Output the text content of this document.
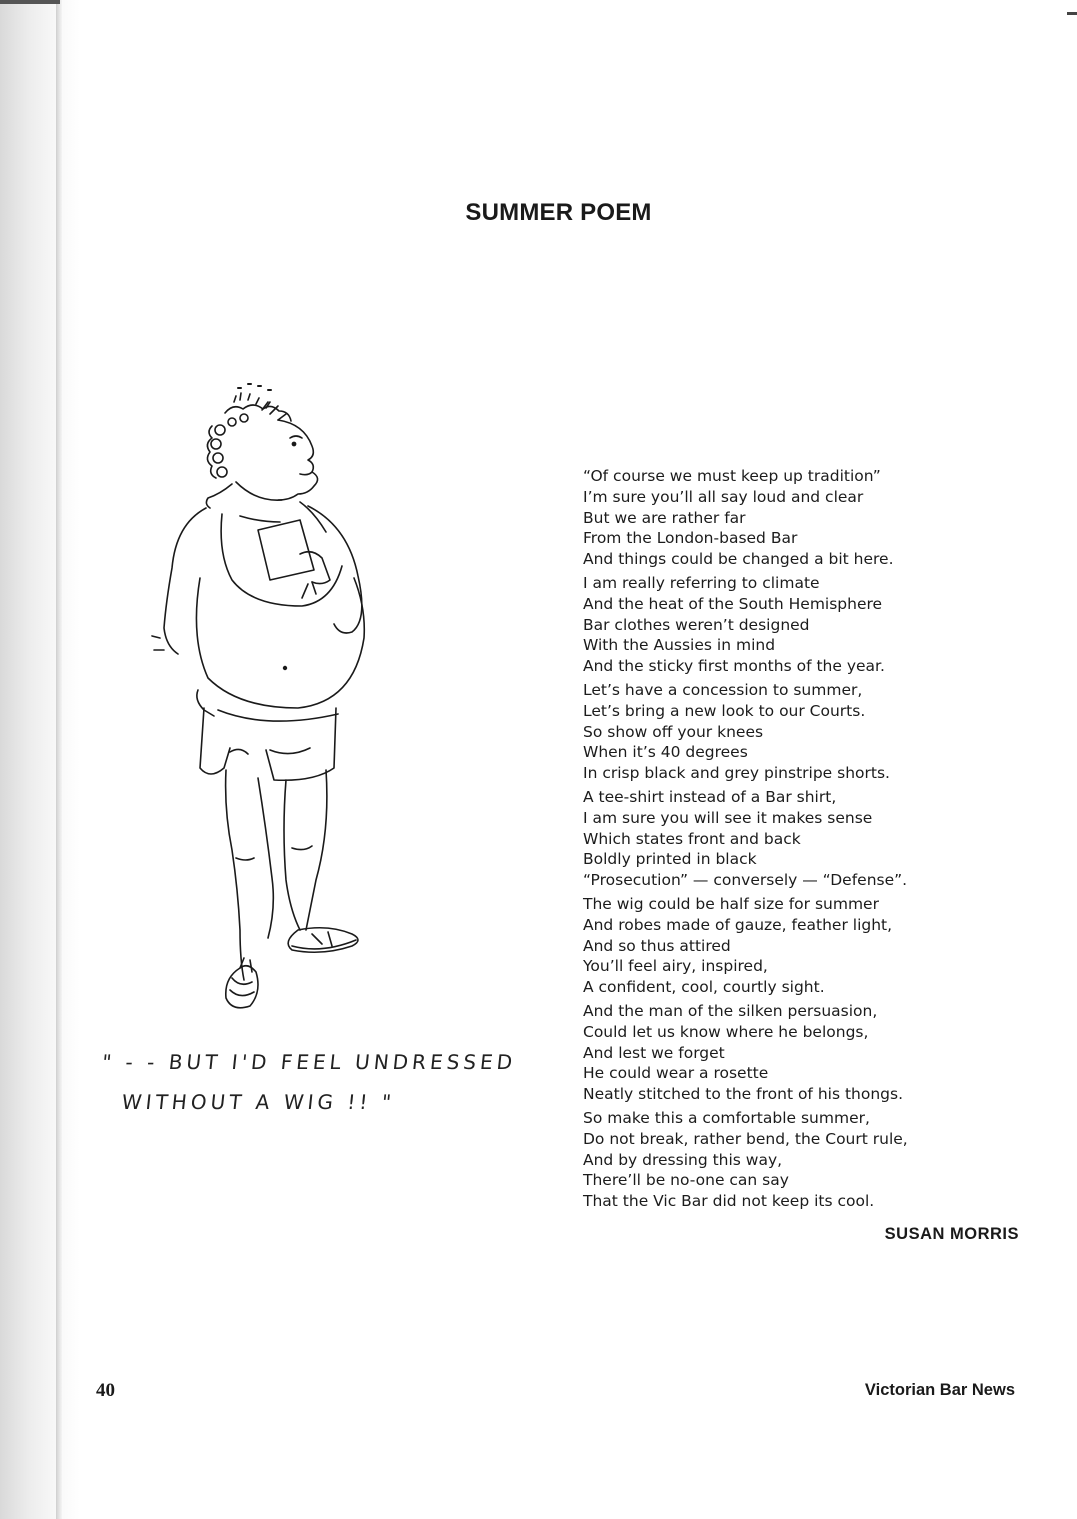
SUMMER POEM
" - - BUT I'D FEEL UNDRESSED
WITHOUT A WIG !! "
“Of course we must keep up tradition”
I’m sure you’ll all say loud and clear
But we are rather far
From the London-based Bar
And things could be changed a bit here.
I am really referring to climate
And the heat of the South Hemisphere
Bar clothes weren’t designed
With the Aussies in mind
And the sticky first months of the year.
Let’s have a concession to summer,
Let’s bring a new look to our Courts.
So show off your knees
When it’s 40 degrees
In crisp black and grey pinstripe shorts.
A tee-shirt instead of a Bar shirt,
I am sure you will see it makes sense
Which states front and back
Boldly printed in black
“Prosecution” — conversely — “Defense”.
The wig could be half size for summer
And robes made of gauze, feather light,
And so thus attired
You’ll feel airy, inspired,
A confident, cool, courtly sight.
And the man of the silken persuasion,
Could let us know where he belongs,
And lest we forget
He could wear a rosette
Neatly stitched to the front of his thongs.
So make this a comfortable summer,
Do not break, rather bend, the Court rule,
And by dressing this way,
There’ll be no-one can say
That the Vic Bar did not keep its cool.
SUSAN MORRIS
40	Victorian Bar News
